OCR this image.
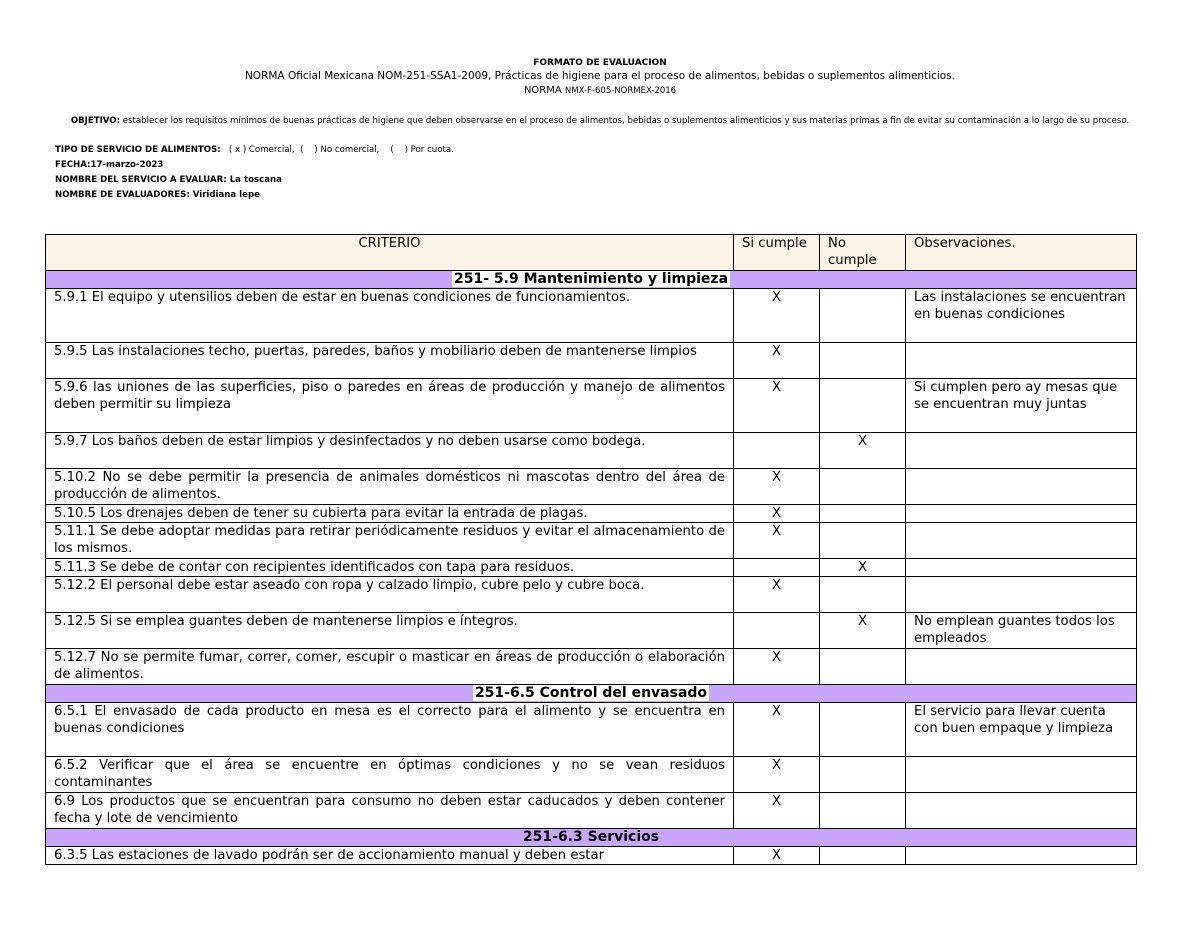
FORMATO DE EVALUACION
NORMA Oficial Mexicana NOM-251-SSA1-2009, Prácticas de higiene para el proceso de alimentos, bebidas o suplementos alimenticios.
NORMA NMX-F-605-NORMEX-2016
OBJETIVO: establecer los requisitos mínimos de buenas prácticas de higiene que deben observarse en el proceso de alimentos, bebidas o suplementos alimenticios y sus materias primas a fin de evitar su contaminación a lo largo de su proceso.
TIPO DE SERVICIO DE ALIMENTOS:   ( x ) Comercial,  (    ) No comercial,    (    ) Por cuota.
FECHA:17-marzo-2023
NOMBRE DEL SERVICIO A EVALUAR: La toscana
NOMBRE DE EVALUADORES: Viridiana lepe
CRITERIO	Si cumple	No cumple	Observaciones.
251- 5.9 Mantenimiento y limpieza			
5.9.1 El equipo y utensilios deben de estar en buenas condiciones de funcionamientos.	X		Las instalaciones se encuentran en buenas condiciones
5.9.5 Las instalaciones techo, puertas, paredes, baños y mobiliario deben de mantenerse limpios	X		
5.9.6 las uniones de las superficies, piso o paredes en áreas de producción y manejo de alimentos deben permitir su limpieza	X		Si cumplen pero ay mesas que se encuentran muy juntas
5.9.7 Los baños deben de estar limpios y desinfectados y no deben usarse como bodega.		X	
5.10.2 No se debe permitir la presencia de animales domésticos ni mascotas dentro del área de producción de alimentos.	X		
5.10.5 Los drenajes deben de tener su cubierta para evitar la entrada de plagas.	X		
5.11.1 Se debe adoptar medidas para retirar periódicamente residuos y evitar el almacenamiento de los mismos.	X		
5.11.3 Se debe de contar con recipientes identificados con tapa para residuos.		X	
5.12.2 El personal debe estar aseado con ropa y calzado limpio, cubre pelo y cubre boca.	X		
5.12.5 Si se emplea guantes deben de mantenerse limpios e íntegros.		X	No emplean guantes todos los empleados
5.12.7 No se permite fumar, correr, comer, escupir o masticar en áreas de producción o elaboración de alimentos.	X		
251-6.5 Control del envasado			
6.5.1 El envasado de cada producto en mesa es el correcto para el alimento y se encuentra en buenas condiciones	X		El servicio para llevar cuenta con buen empaque y limpieza
6.5.2 Verificar que el área se encuentre en óptimas condiciones y no se vean residuos contaminantes	X		
6.9 Los productos que se encuentran para consumo no deben estar caducados y deben contener fecha y lote de vencimiento	X		
251-6.3 Servicios			
6.3.5 Las estaciones de lavado podrán ser de accionamiento manual y deben estar	X		
